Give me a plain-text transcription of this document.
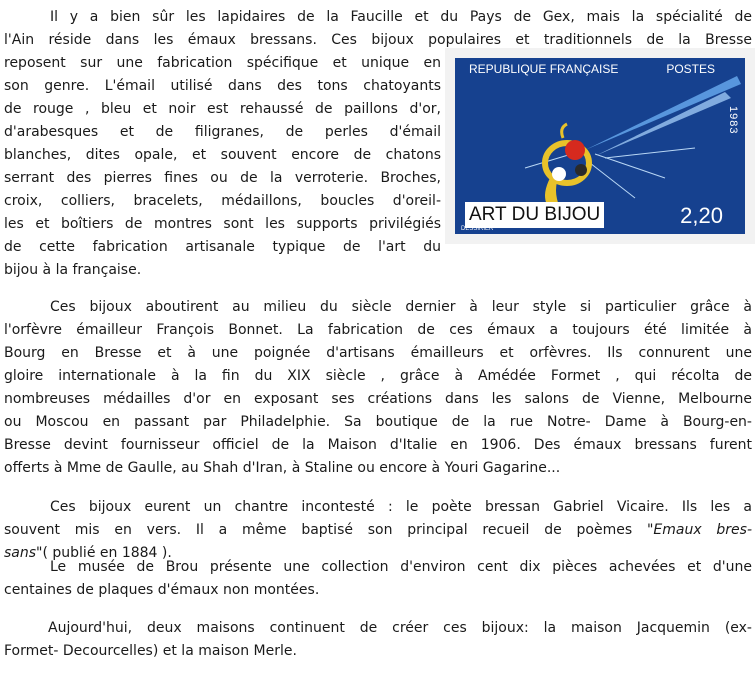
Il y a bien sûr les lapidaires de la Faucille et du Pays de Gex, mais la spécialité de
l'Ain réside dans les émaux bressans. Ces bijoux populaires et traditionnels de la Bresse
reposent sur une fabrication spécifique et unique en
son genre. L'émail utilisé dans des tons chatoyants
de rouge , bleu et noir est rehaussé de paillons d'or,
d'arabesques et de filigranes, de perles d'émail
blanches, dites opale, et souvent encore de chatons
serrant des pierres fines ou de la verroterie. Broches,
croix, colliers, bracelets, médaillons, boucles d'oreil-
les et boîtiers de montres sont les supports privilégiés
de cette fabrication artisanale typique de l'art du
bijou à la française.
Ces bijoux aboutirent au milieu du siècle dernier à leur style si particulier grâce à
l'orfèvre émailleur François Bonnet. La fabrication de ces émaux a toujours été limitée à
Bourg en Bresse et à une poignée d'artisans émailleurs et orfèvres. Ils connurent une
gloire internationale à la fin du XIX siècle , grâce à Amédée Formet , qui récolta de
nombreuses médailles d'or en exposant ses créations dans les salons de Vienne, Melbourne
ou Moscou en passant par Philadelphie. Sa boutique de la rue Notre- Dame à Bourg-en-
Bresse devint fournisseur officiel de la Maison d'Italie en 1906. Des émaux bressans furent
offerts à Mme de Gaulle, au Shah d'Iran, à Staline ou encore à Youri Gagarine...
Ces bijoux eurent un chantre incontesté : le poète bressan Gabriel Vicaire. Ils les a
souvent mis en vers. Il a même baptisé son principal recueil de poèmes "Emaux bres-
sans"( publié en 1884 ).
Le musée de Brou présente une collection d'environ cent dix pièces achevées et d'une
centaines de plaques d'émaux non montées.
Aujourd'hui, deux maisons continuent de créer ces bijoux: la maison Jacquemin (ex-
Formet- Decourcelles) et la maison Merle.
REPUBLIQUE FRANÇAISE	POSTES
1983
ART DU BIJOU	2,20
DESSIRIER
